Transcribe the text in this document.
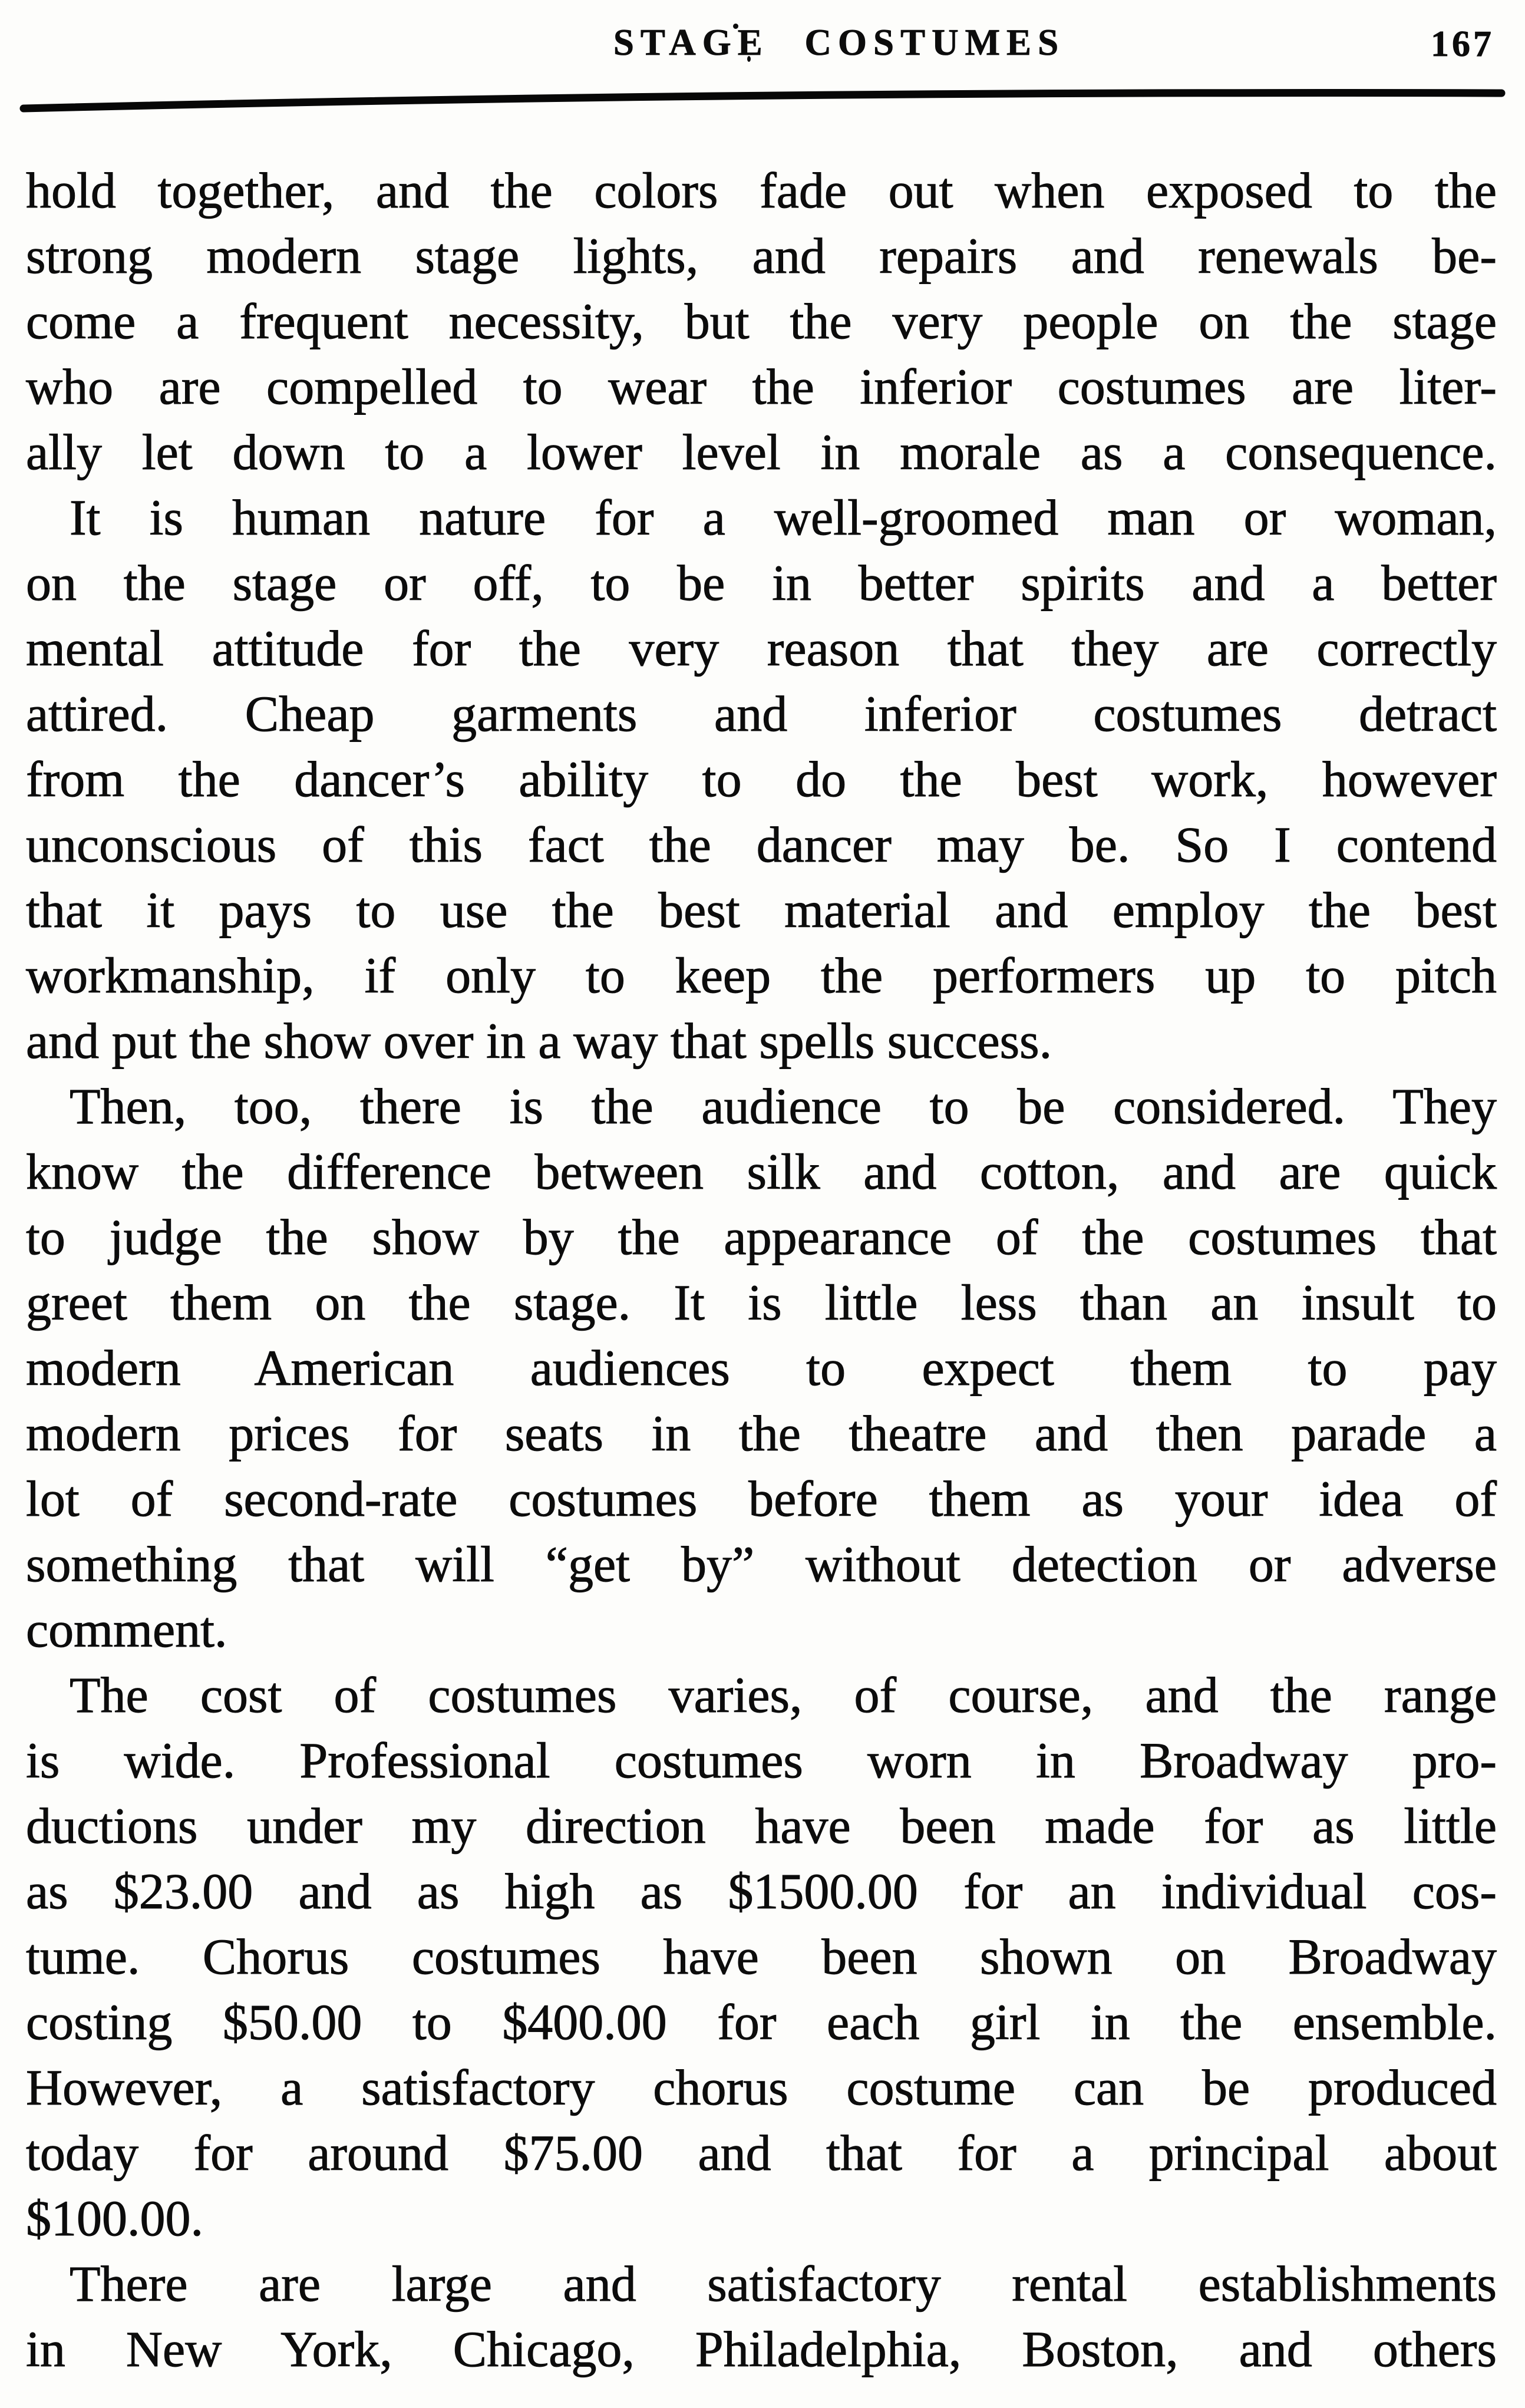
STAGE COSTUMES	167
hold together, and the colors fade out when exposed to the
strong modern stage lights, and repairs and renewals be-
come a frequent necessity, but the very people on the stage
who are compelled to wear the inferior costumes are liter-
ally let down to a lower level in morale as a consequence.
It is human nature for a well-groomed man or woman,
on the stage or off, to be in better spirits and a better
mental attitude for the very reason that they are correctly
attired. Cheap garments and inferior costumes detract
from the dancer’s ability to do the best work, however
unconscious of this fact the dancer may be. So I contend
that it pays to use the best material and employ the best
workmanship, if only to keep the performers up to pitch
and put the show over in a way that spells success.
Then, too, there is the audience to be considered. They
know the difference between silk and cotton, and are quick
to judge the show by the appearance of the costumes that
greet them on the stage. It is little less than an insult to
modern American audiences to expect them to pay
modern prices for seats in the theatre and then parade a
lot of second-rate costumes before them as your idea of
something that will “get by” without detection or adverse
comment.
The cost of costumes varies, of course, and the range
is wide. Professional costumes worn in Broadway pro-
ductions under my direction have been made for as little
as $23.00 and as high as $1500.00 for an individual cos-
tume. Chorus costumes have been shown on Broadway
costing $50.00 to $400.00 for each girl in the ensemble.
However, a satisfactory chorus costume can be produced
today for around $75.00 and that for a principal about
$100.00.
There are large and satisfactory rental establishments
in New York, Chicago, Philadelphia, Boston, and others
